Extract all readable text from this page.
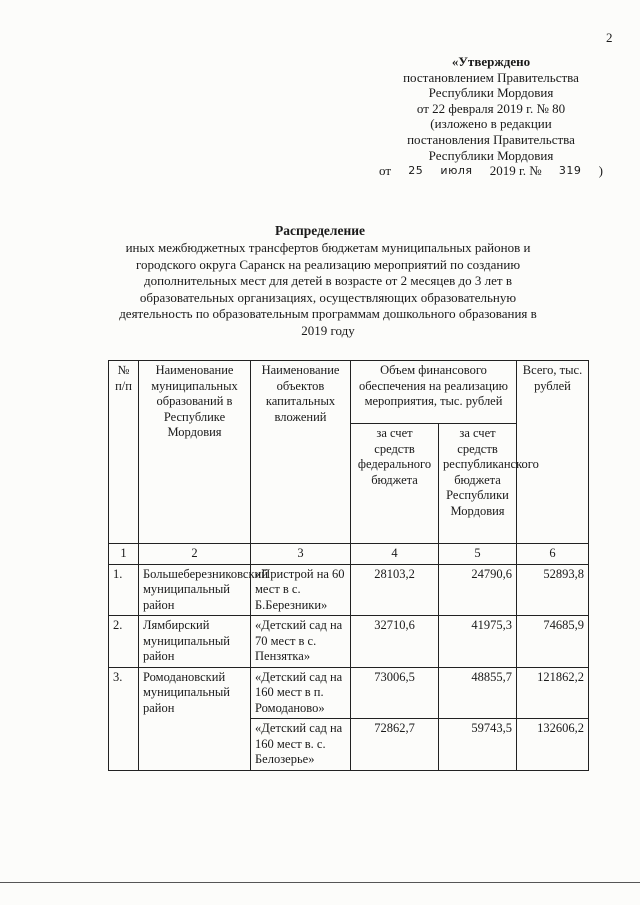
2
«Утверждено
постановлением Правительства
Республики Мордовия
от 22 февраля 2019 г. № 80
(изложено в редакции
постановления Правительства
Республики Мордовия
от 25 июля 2019 г. № 319 )
Распределение
иных межбюджетных трансфертов бюджетам муниципальных районов и городского округа Саранск на реализацию мероприятий по созданию дополнительных мест для детей в возрасте от 2 месяцев до 3 лет в образовательных организациях, осуществляющих образовательную деятельность по образовательным программам дошкольного образования в 2019 году
№ п/п	Наименование муниципальных образований в Республике Мордовия	Наименование объектов капитальных вложений	Объем финансового обеспечения на реализацию мероприятия, тыс. рублей		Всего, тыс. рублей
			за счет средств федерального бюджета	за счет средств республиканского бюджета Республики Мордовия	
1	2	3	4	5	6
1.	Большеберезниковский муниципальный район	«Пристрой на 60 мест в с. Б.Березники»	28103,2	24790,6	52893,8
2.	Лямбирский муниципальный район	«Детский сад на 70 мест в с. Пензятка»	32710,6	41975,3	74685,9
3.	Ромодановский муниципальный район	«Детский сад на 160 мест в п. Ромоданово»	73006,5	48855,7	121862,2
		«Детский сад на 160 мест в. с. Белозерье»	72862,7	59743,5	132606,2
